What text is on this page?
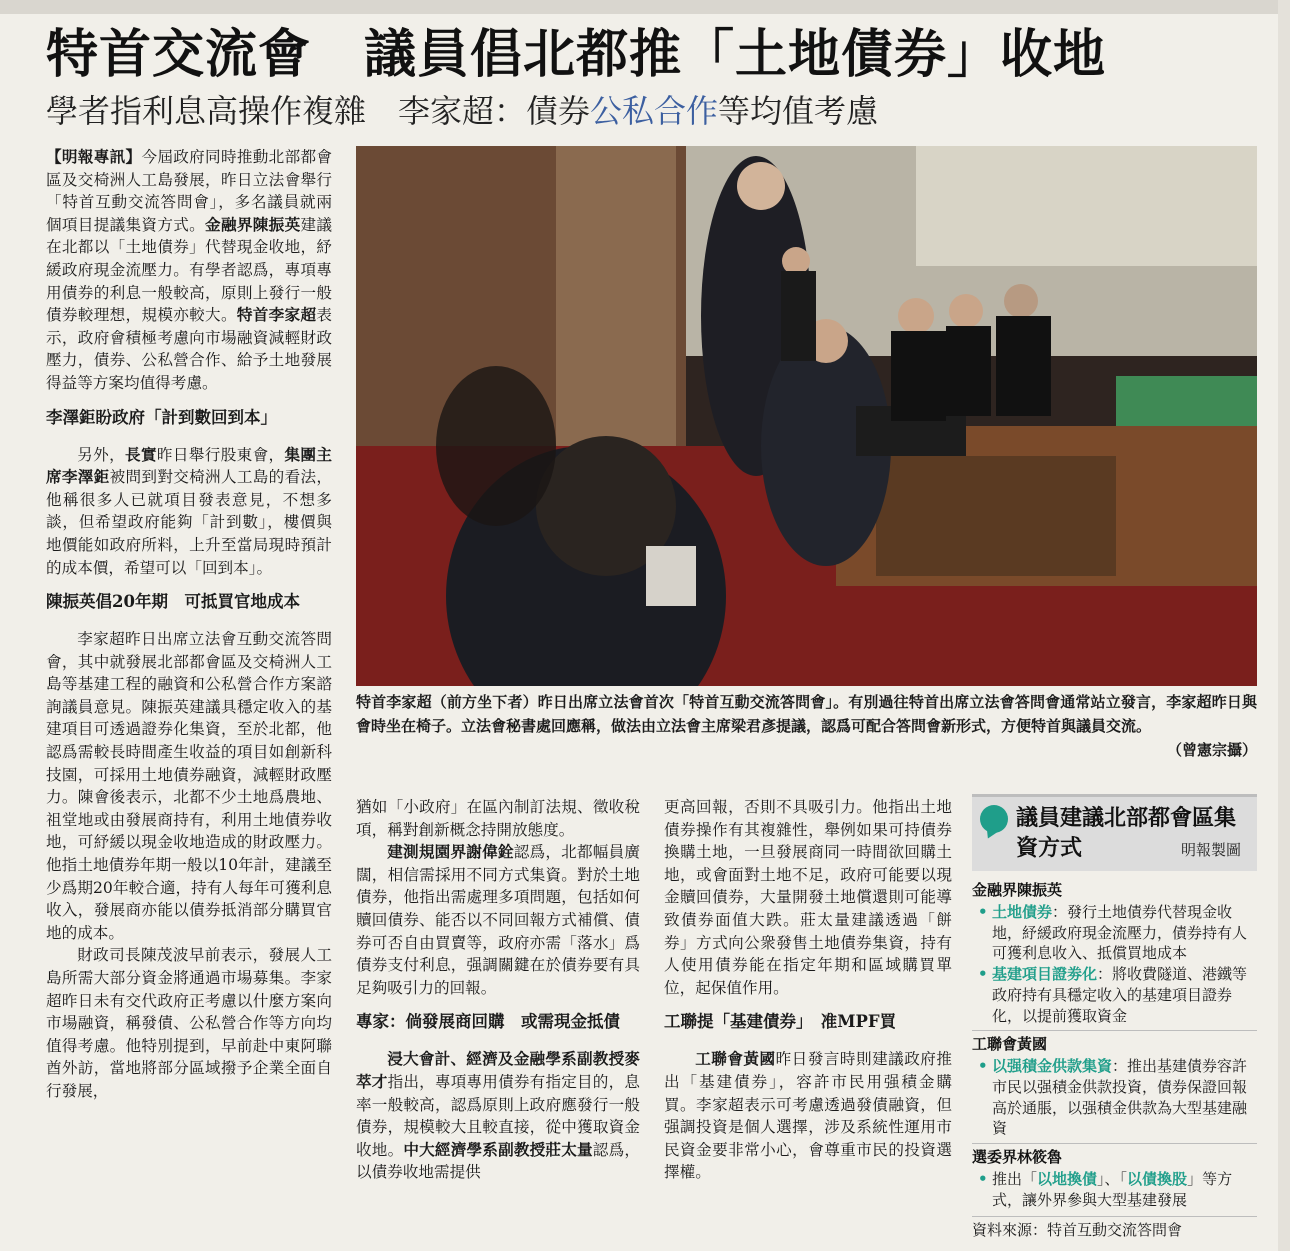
特首交流會　議員倡北都推「土地債券」收地
學者指利息高操作複雜　李家超：債券公私合作等均值考慮

【明報專訊】今屆政府同時推動北部都會區及交椅洲人工島發展，昨日立法會舉行「特首互動交流答問會」，多名議員就兩個項目提議集資方式。金融界陳振英建議在北都以「土地債券」代替現金收地，紓緩政府現金流壓力。有學者認爲，專項專用債券的利息一般較高，原則上發行一般債券較理想，規模亦較大。特首李家超表示，政府會積極考慮向市場融資減輕財政壓力，債券、公私營合作、給予土地發展得益等方案均值得考慮。

李澤鉅盼政府「計到數回到本」

另外，長實昨日舉行股東會，集團主席李澤鉅被問到對交椅洲人工島的看法，他稱很多人已就項目發表意見，不想多談，但希望政府能夠「計到數」，樓價與地價能如政府所料，上升至當局現時預計的成本價，希望可以「回到本」。

陳振英倡20年期　可抵買官地成本

李家超昨日出席立法會互動交流答問會，其中就發展北部都會區及交椅洲人工島等基建工程的融資和公私營合作方案諮詢議員意見。陳振英建議具穩定收入的基建項目可透過證券化集資，至於北都，他認爲需較長時間產生收益的項目如創新科技園，可採用土地債券融資，減輕財政壓力。陳會後表示，北都不少土地爲農地、祖堂地或由發展商持有，利用土地債券收地，可紓緩以現金收地造成的財政壓力。他指土地債券年期一般以10年計，建議至少爲期20年較合適，持有人每年可獲利息收入，發展商亦能以債券抵消部分購買官地的成本。

財政司長陳茂波早前表示，發展人工島所需大部分資金將通過市場募集。李家超昨日未有交代政府正考慮以什麼方案向市場融資，稱發債、公私營合作等方向均值得考慮。他特別提到，早前赴中東阿聯酋外訪，當地將部分區域撥予企業全面自行發展，

特首李家超（前方坐下者）昨日出席立法會首次「特首互動交流答問會」。有別過往特首出席立法會答問會通常站立發言，李家超昨日與會時坐在椅子。立法會秘書處回應稱，做法由立法會主席梁君彥提議，認爲可配合答問會新形式，方便特首與議員交流。
（曾憲宗攝）

猶如「小政府」在區內制訂法規、徵收稅項，稱對創新概念持開放態度。

建測規園界謝偉銓認爲，北都幅員廣闊，相信需採用不同方式集資。對於土地債券，他指出需處理多項問題，包括如何贖回債券、能否以不同回報方式補償、債券可否自由買賣等，政府亦需「落水」爲債券支付利息，强調關鍵在於債券要有具足夠吸引力的回報。

專家：倘發展商回購　或需現金抵債

浸大會計、經濟及金融學系副教授麥萃才指出，專項專用債券有指定目的，息率一般較高，認爲原則上政府應發行一般債券，規模較大且較直接，從中獲取資金收地。中大經濟學系副教授莊太量認爲，以債券收地需提供

更高回報，否則不具吸引力。他指出土地債券操作有其複雜性，舉例如果可持債券換購土地，一旦發展商同一時間欲回購土地，或會面對土地不足，政府可能要以現金贖回債券，大量開發土地償還則可能導致債券面值大跌。莊太量建議透過「餅券」方式向公衆發售土地債券集資，持有人使用債券能在指定年期和區域購買單位，起保值作用。

工聯提「基建債券」　准MPF買

工聯會黃國昨日發言時則建議政府推出「基建債券」，容許市民用强積金購買。李家超表示可考慮透過發債融資，但强調投資是個人選擇，涉及系統性運用市民資金要非常小心，會尊重市民的投資選擇權。

議員建議北部都會區集資方式	明報製圖
金融界陳振英
• 土地債券：發行土地債券代替現金收地，紓緩政府現金流壓力，債券持有人可獲利息收入、抵償買地成本
• 基建項目證劵化：將收費隧道、港鐵等政府持有具穩定收入的基建項目證券化，以提前獲取資金
工聯會黃國
• 以强積金供款集資：推出基建債券容許市民以强積金供款投資，債券保證回報高於通脹，以强積金供款為大型基建融資
選委界林筱魯
• 推出「以地換債」、「以債換股」等方式，讓外界參與大型基建發展
資料來源：特首互動交流答問會
